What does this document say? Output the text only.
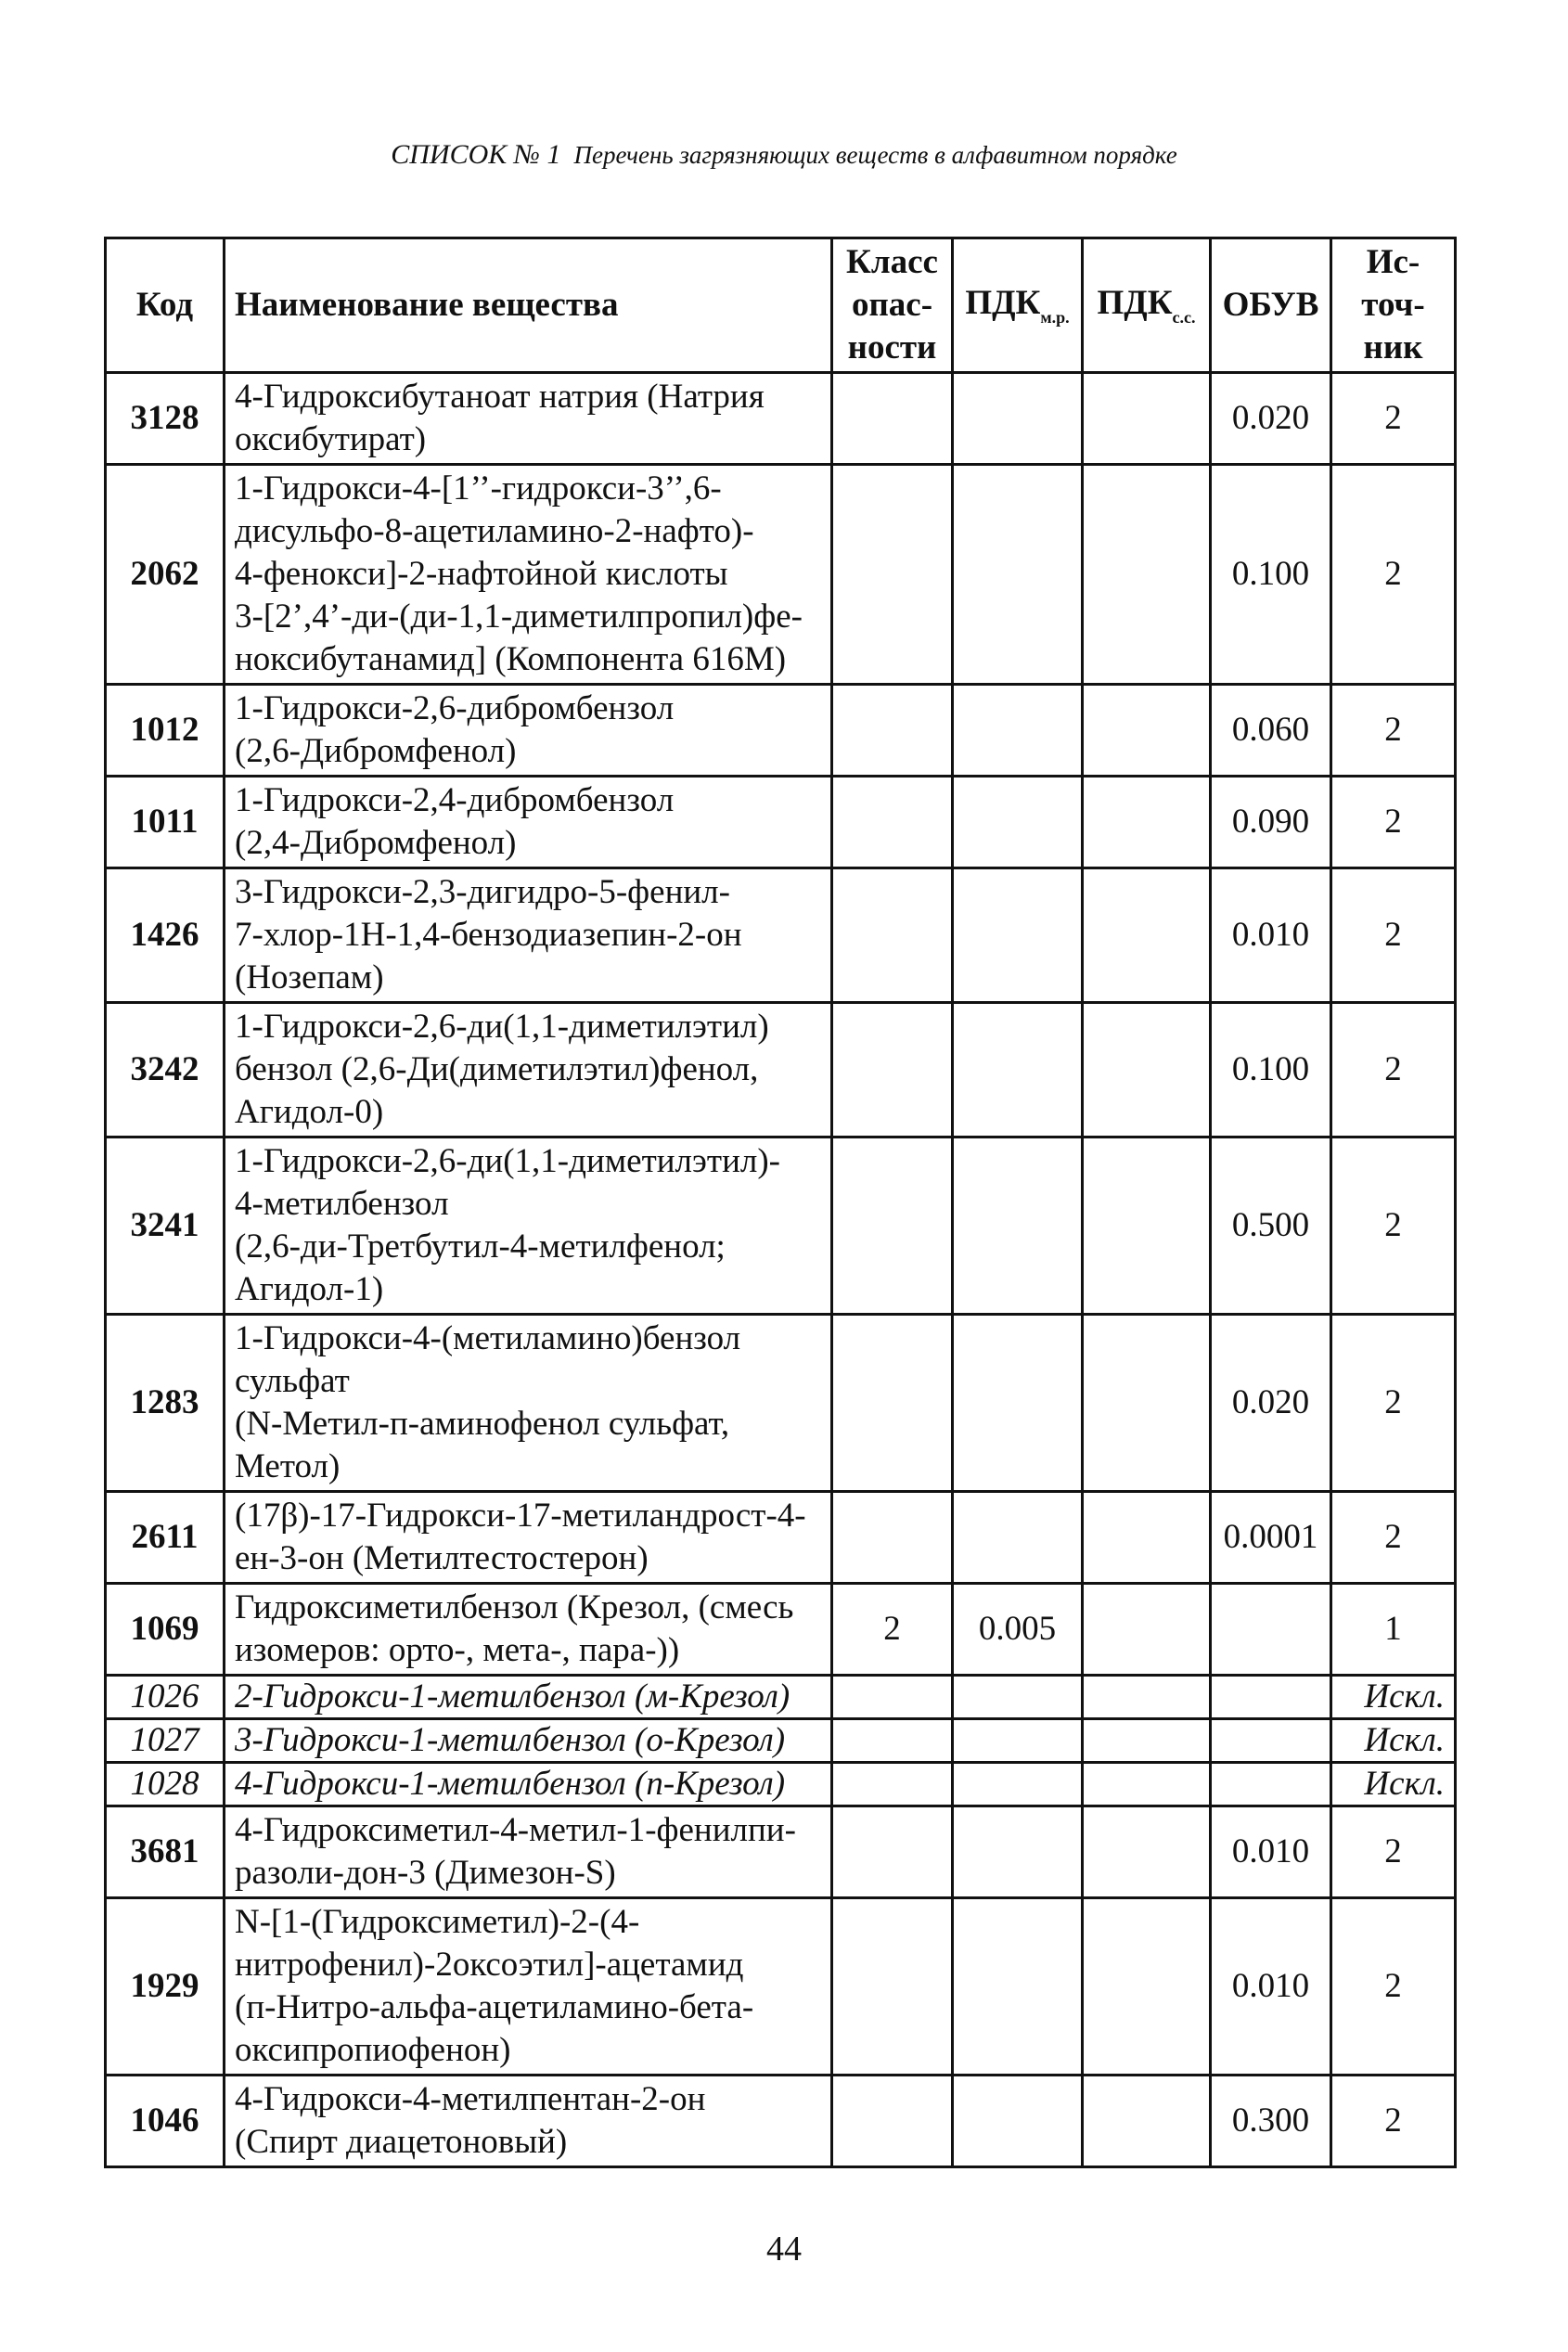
СПИСОК № 1 Перечень загрязняющих веществ в алфавитном порядке
Код	Наименование вещества	Класс
опас-
ности	$ПДК_{м.р.}$	$ПДК_{с.с.}$	ОБУВ	Ис-
точ-
ник
3128	4-Гидроксибутаноат натрия (Натрия
оксибутират)				0.020	2
2062	1-Гидрокси-4-[1’’-гидрокси-3’’,6-
дисульфо-8-ацетиламино-2-нафто)-
4-фенокси]-2-нафтойной кислоты
3-[2’,4’-ди-(ди-1,1-диметилпропил)фе-
ноксибутанамид] (Компонента 616М)				0.100	2
1012	1-Гидрокси-2,6-дибромбензол
(2,6-Дибромфенол)				0.060	2
1011	1-Гидрокси-2,4-дибромбензол
(2,4-Дибромфенол)				0.090	2
1426	3-Гидрокси-2,3-дигидро-5-фенил-
7-хлор-1Н-1,4-бензодиазепин-2-он
(Нозепам)				0.010	2
3242	1-Гидрокси-2,6-ди(1,1-диметилэтил)
бензол (2,6-Ди(диметилэтил)фенол,
Агидол-0)				0.100	2
3241	1-Гидрокси-2,6-ди(1,1-диметилэтил)-
4-метилбензол
(2,6-ди-Третбутил-4-метилфенол;
Агидол-1)				0.500	2
1283	1-Гидрокси-4-(метиламино)бензол
сульфат
(N-Метил-п-аминофенол сульфат,
Метол)				0.020	2
2611	(17β)-17-Гидрокси-17-метиландрост-4-
ен-3-он (Метилтестостерон)				0.0001	2
1069	Гидроксиметилбензол (Крезол, (смесь
изомеров: орто-, мета-, пара-))	2	0.005			1
1026	2-Гидрокси-1-метилбензол (м-Крезол)					Искл.
1027	3-Гидрокси-1-метилбензол (о-Крезол)					Искл.
1028	4-Гидрокси-1-метилбензол (п-Крезол)					Искл.
3681	4-Гидроксиметил-4-метил-1-фенилпи-
разоли-дон-3 (Димезон-S)				0.010	2
1929	N-[1-(Гидроксиметил)-2-(4-
нитрофенил)-2оксоэтил]-ацетамид
(п-Нитро-альфа-ацетиламино-бета-
оксипропиофенон)				0.010	2
1046	4-Гидрокси-4-метилпентан-2-он
(Спирт диацетоновый)				0.300	2
44
